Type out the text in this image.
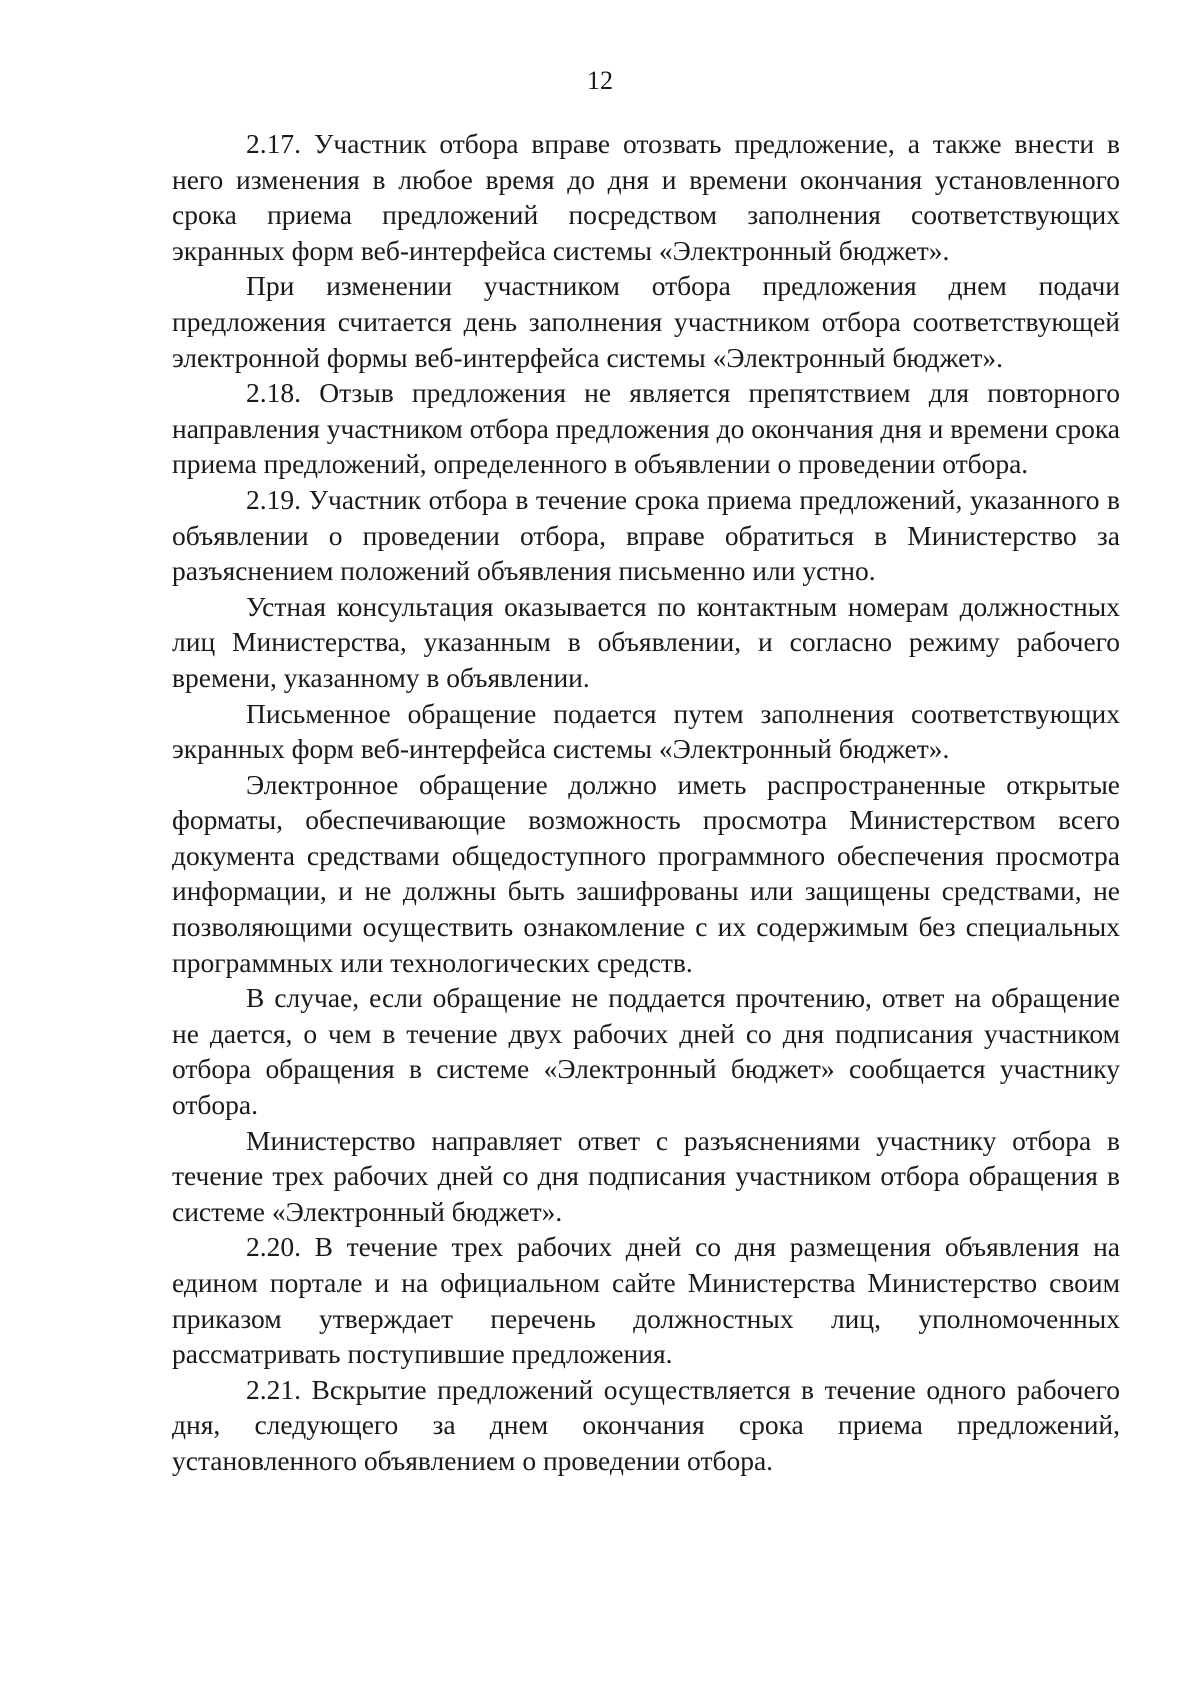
12

2.17. Участник отбора вправе отозвать предложение, а также внести в него изменения в любое время до дня и времени окончания установленного срока приема предложений посредством заполнения соответствующих экранных форм веб-интерфейса системы «Электронный бюджет».

При изменении участником отбора предложения днем подачи предложения считается день заполнения участником отбора соответствующей электронной формы веб-интерфейса системы «Электронный бюджет».

2.18. Отзыв предложения не является препятствием для повторного направления участником отбора предложения до окончания дня и времени срока приема предложений, определенного в объявлении о проведении отбора.

2.19. Участник отбора в течение срока приема предложений, указанного в объявлении о проведении отбора, вправе обратиться в Министерство за разъяснением положений объявления письменно или устно.

Устная консультация оказывается по контактным номерам должностных лиц Министерства, указанным в объявлении, и согласно режиму рабочего времени, указанному в объявлении.

Письменное обращение подается путем заполнения соответствующих экранных форм веб-интерфейса системы «Электронный бюджет».

Электронное обращение должно иметь распространенные открытые форматы, обеспечивающие возможность просмотра Министерством всего документа средствами общедоступного программного обеспечения просмотра информации, и не должны быть зашифрованы или защищены средствами, не позволяющими осуществить ознакомление с их содержимым без специальных программных или технологических средств.

В случае, если обращение не поддается прочтению, ответ на обращение не дается, о чем в течение двух рабочих дней со дня подписания участником отбора обращения в системе «Электронный бюджет» сообщается участнику отбора.

Министерство направляет ответ с разъяснениями участнику отбора в течение трех рабочих дней со дня подписания участником отбора обращения в системе «Электронный бюджет».

2.20. В течение трех рабочих дней со дня размещения объявления на едином портале и на официальном сайте Министерства Министерство своим приказом утверждает перечень должностных лиц, уполномоченных рассматривать поступившие предложения.

2.21. Вскрытие предложений осуществляется в течение одного рабочего дня, следующего за днем окончания срока приема предложений, установленного объявлением о проведении отбора.
